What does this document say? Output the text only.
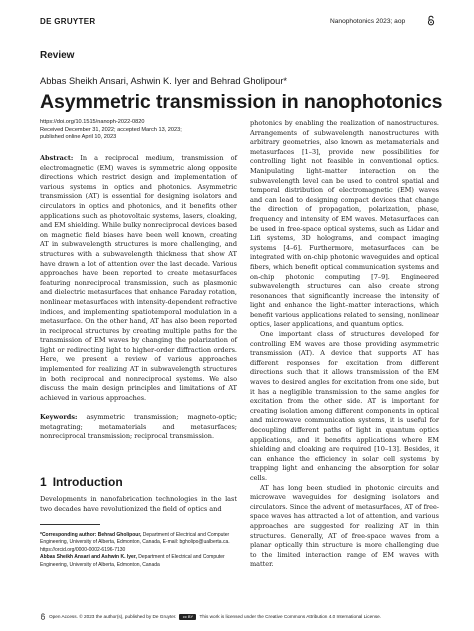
DE GRUYTER	Nanophotonics 2023; aop
Review
Abbas Sheikh Ansari, Ashwin K. Iyer and Behrad Gholipour*
Asymmetric transmission in nanophotonics
https://doi.org/10.1515/nanoph-2022-0820
Received December 31, 2022; accepted March 13, 2023;
published online April 10, 2023

Abstract: In a reciprocal medium, transmission of electromagnetic (EM) waves is symmetric along opposite directions which restrict design and implementation of various systems in optics and photonics. Asymmetric transmission (AT) is essential for designing isolators and circulators in optics and photonics, and it benefits other applications such as photovoltaic systems, lasers, cloaking, and EM shielding. While bulky nonreciprocal devices based on magnetic field biases have been well known, creating AT in subwavelength structures is more challenging, and structures with a subwavelength thickness that show AT have drawn a lot of attention over the last decade. Various approaches have been reported to create metasurfaces featuring nonreciprocal transmission, such as plasmonic and dielectric metasurfaces that enhance Faraday rotation, nonlinear metasurfaces with intensity-dependent refractive indices, and implementing spatiotemporal modulation in a metasurface. On the other hand, AT has also been reported in reciprocal structures by creating multiple paths for the transmission of EM waves by changing the polarization of light or redirecting light to higher-order diffraction orders. Here, we present a review of various approaches implemented for realizing AT in subwavelength structures in both reciprocal and nonreciprocal systems. We also discuss the main design principles and limitations of AT achieved in various approaches.

Keywords: asymmetric transmission; magneto-optic; metagrating; metamaterials and metasurfaces; nonreciprocal transmission; reciprocal transmission.

1 Introduction

Developments in nanofabrication technologies in the last two decades have revolutionized the field of optics and

*Corresponding author: Behrad Gholipour, Department of Electrical and Computer Engineering, University of Alberta, Edmonton, Canada, E-mail: bgholipo@ualberta.ca. https://orcid.org/0000-0002-6196-7130

Abbas Sheikh Ansari and Ashwin K. Iyer, Department of Electrical and Computer Engineering, University of Alberta, Edmonton, Canada

photonics by enabling the realization of nanostructures. Arrangements of subwavelength nanostructures with arbitrary geometries, also known as metamaterials and metasurfaces [1–3], provide new possibilities for controlling light not feasible in conventional optics. Manipulating light–matter interaction on the subwavelength level can be used to control spatial and temporal distribution of electromagnetic (EM) waves and can lead to designing compact devices that change the direction of propagation, polarization, phase, frequency and intensity of EM waves. Metasurfaces can be used in free-space optical systems, such as Lidar and Lifi systems, 3D holograms, and compact imaging systems [4–6]. Furthermore, metasurfaces can be integrated with on-chip photonic waveguides and optical fibers, which benefit optical communication systems and on-chip photonic computing [7–9]. Engineered subwavelength structures can also create strong resonances that significantly increase the intensity of light and enhance the light–matter interactions, which benefit various applications related to sensing, nonlinear optics, laser applications, and quantum optics.

One important class of structures developed for controlling EM waves are those providing asymmetric transmission (AT). A device that supports AT has different responses for excitation from different directions such that it allows transmission of the EM waves to desired angles for excitation from one side, but it has a negligible transmission to the same angles for excitation from the other side. AT is important for creating isolation among different components in optical and microwave communication systems, it is useful for decoupling different paths of light in quantum optics applications, and it benefits applications where EM shielding and cloaking are required [10–13]. Besides, it can enhance the efficiency in solar cell systems by trapping light and enhancing the absorption for solar cells.

AT has long been studied in photonic circuits and microwave waveguides for designing isolators and circulators. Since the advent of metasurfaces, AT of free-space waves has attracted a lot of attention, and various approaches are suggested for realizing AT in thin structures. Generally, AT of free-space waves from a planar optically thin structure is more challenging due to the limited interaction range of EM waves with matter.

Open Access. © 2023 the author(s), published by De Gruyter.	cc BY	This work is licensed under the Creative Commons Attribution 4.0 International License.
